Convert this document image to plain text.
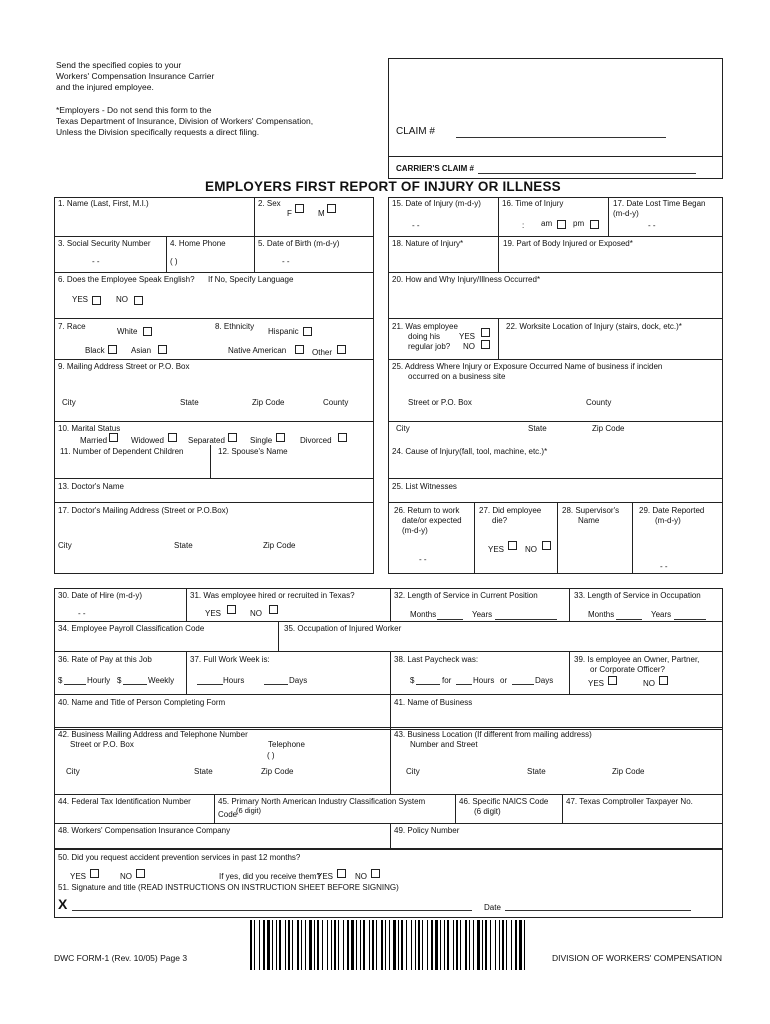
Send the specified copies to your
Workers' Compensation Insurance Carrier
and the injured employee.
*Employers - Do not send this form to the
Texas Department of Insurance, Division of Workers' Compensation,
Unless the Division specifically requests a direct filing.	CLAIM #
CARRIER'S CLAIM #
EMPLOYERS FIRST REPORT OF INJURY OR ILLNESS
1. Name (Last, First, M.I.)	2. Sex
F	M
3. Social Security Number
- -
4. Home Phone
( )
5. Date of Birth (m-d-y)
- -
6. Does the Employee Speak English? If No, Specify Language
YES	NO
7. Race
White
Black	Asian
8. Ethnicity
Hispanic
Native American	Other
9. Mailing Address Street or P.O. Box
City	State	Zip Code	County
10. Marital Status
Married	Widowed	Separated	Single	Divorced
11. Number of Dependent Children	12. Spouse's Name
13. Doctor's Name
17. Doctor's Mailing Address (Street or P.O.Box)
City	State	Zip Code
15. Date of Injury (m-d-y)
- -
16. Time of Injury
: am	pm
17. Date Lost Time Began
(m-d-y)
- -
18. Nature of Injury*	19. Part of Body Injured or Exposed*
20. How and Why Injury/Illness Occurred*
21. Was employee
doing his YES
regular job? NO
22. Worksite Location of Injury (stairs, dock, etc.)*
25. Address Where Injury or Exposure Occurred Name of business if inciden
occurred on a business site
Street or P.O. Box	County
City	State	Zip Code
24. Cause of Injury(fall, tool, machine, etc.)*
25. List Witnesses
26. Return to work
date/or expected
(m-d-y)
- -
27. Did employee
die?
YES	NO
28. Supervisor's
Name
29. Date Reported
(m-d-y)
- -
30. Date of Hire (m-d-y)
- -
31. Was employee hired or recruited in Texas?
YES	NO
32. Length of Service in Current Position
Months	Years
33. Length of Service in Occupation
Months	Years
34. Employee Payroll Classification Code	35. Occupation of Injured Worker
36. Rate of Pay at this Job
$	Hourly $	Weekly
37. Full Work Week is:
Hours	Days
38. Last Paycheck was:
$	for	Hours or	Days
39. Is employee an Owner, Partner,
or Corporate Officer?
YES	NO
40. Name and Title of Person Completing Form	41. Name of Business
42. Business Mailing Address and Telephone Number
Street or P.O. Box	Telephone
( )
City	State	Zip Code
43. Business Location (If different from mailing address)
Number and Street
City	State	Zip Code
44. Federal Tax Identification Number	45. Primary North American Industry Classification System
Code
(6 digit)
46. Specific NAICS Code
(6 digit)
47. Texas Comptroller Taxpayer No.
48. Workers' Compensation Insurance Company	49. Policy Number
50. Did you request accident prevention services in past 12 months?
YES	NO	If yes, did you receive them?
YES	NO
51. Signature and title (READ INSTRUCTIONS ON INSTRUCTION SHEET BEFORE SIGNING)
X	Date
DWC FORM-1 (Rev. 10/05) Page 3	DIVISION OF WORKERS' COMPENSATION
